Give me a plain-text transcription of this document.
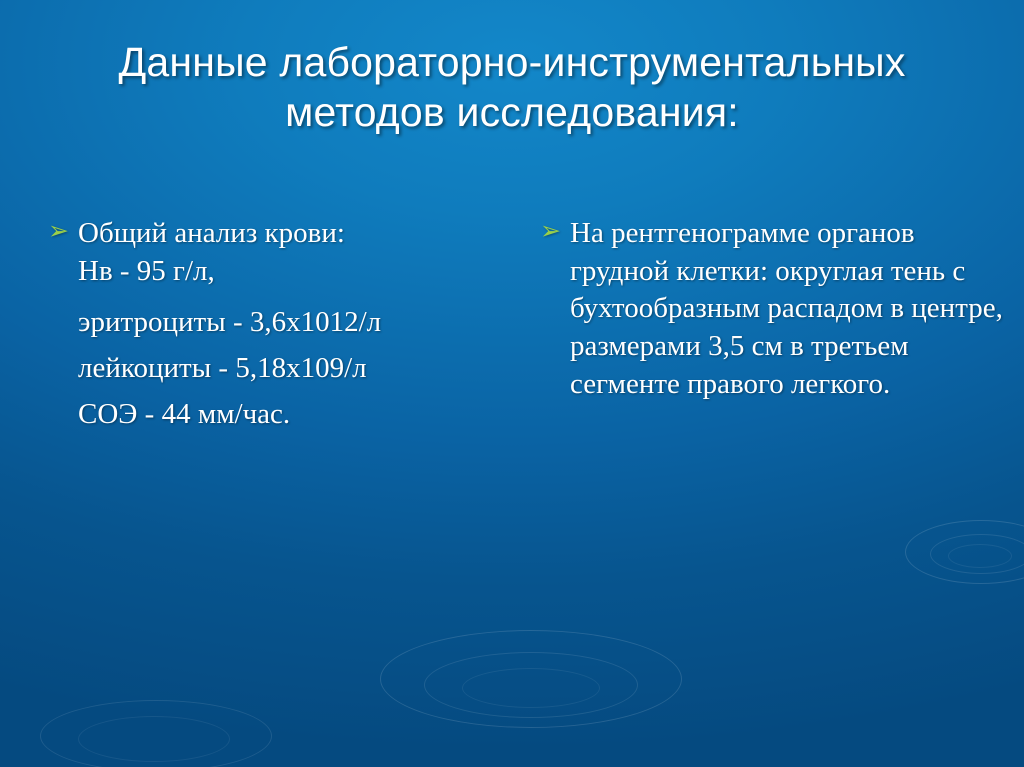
Данные лабораторно-инструментальных методов исследования:
➢ Общий анализ крови:
Нв - 95 г/л,
эритроциты - 3,6х1012/л
лейкоциты - 5,18х109/л
СОЭ - 44 мм/час.
➢ На рентгенограмме органов грудной клетки: округлая тень с бухтообразным распадом в центре, размерами 3,5 см в третьем сегменте правого легкого.
